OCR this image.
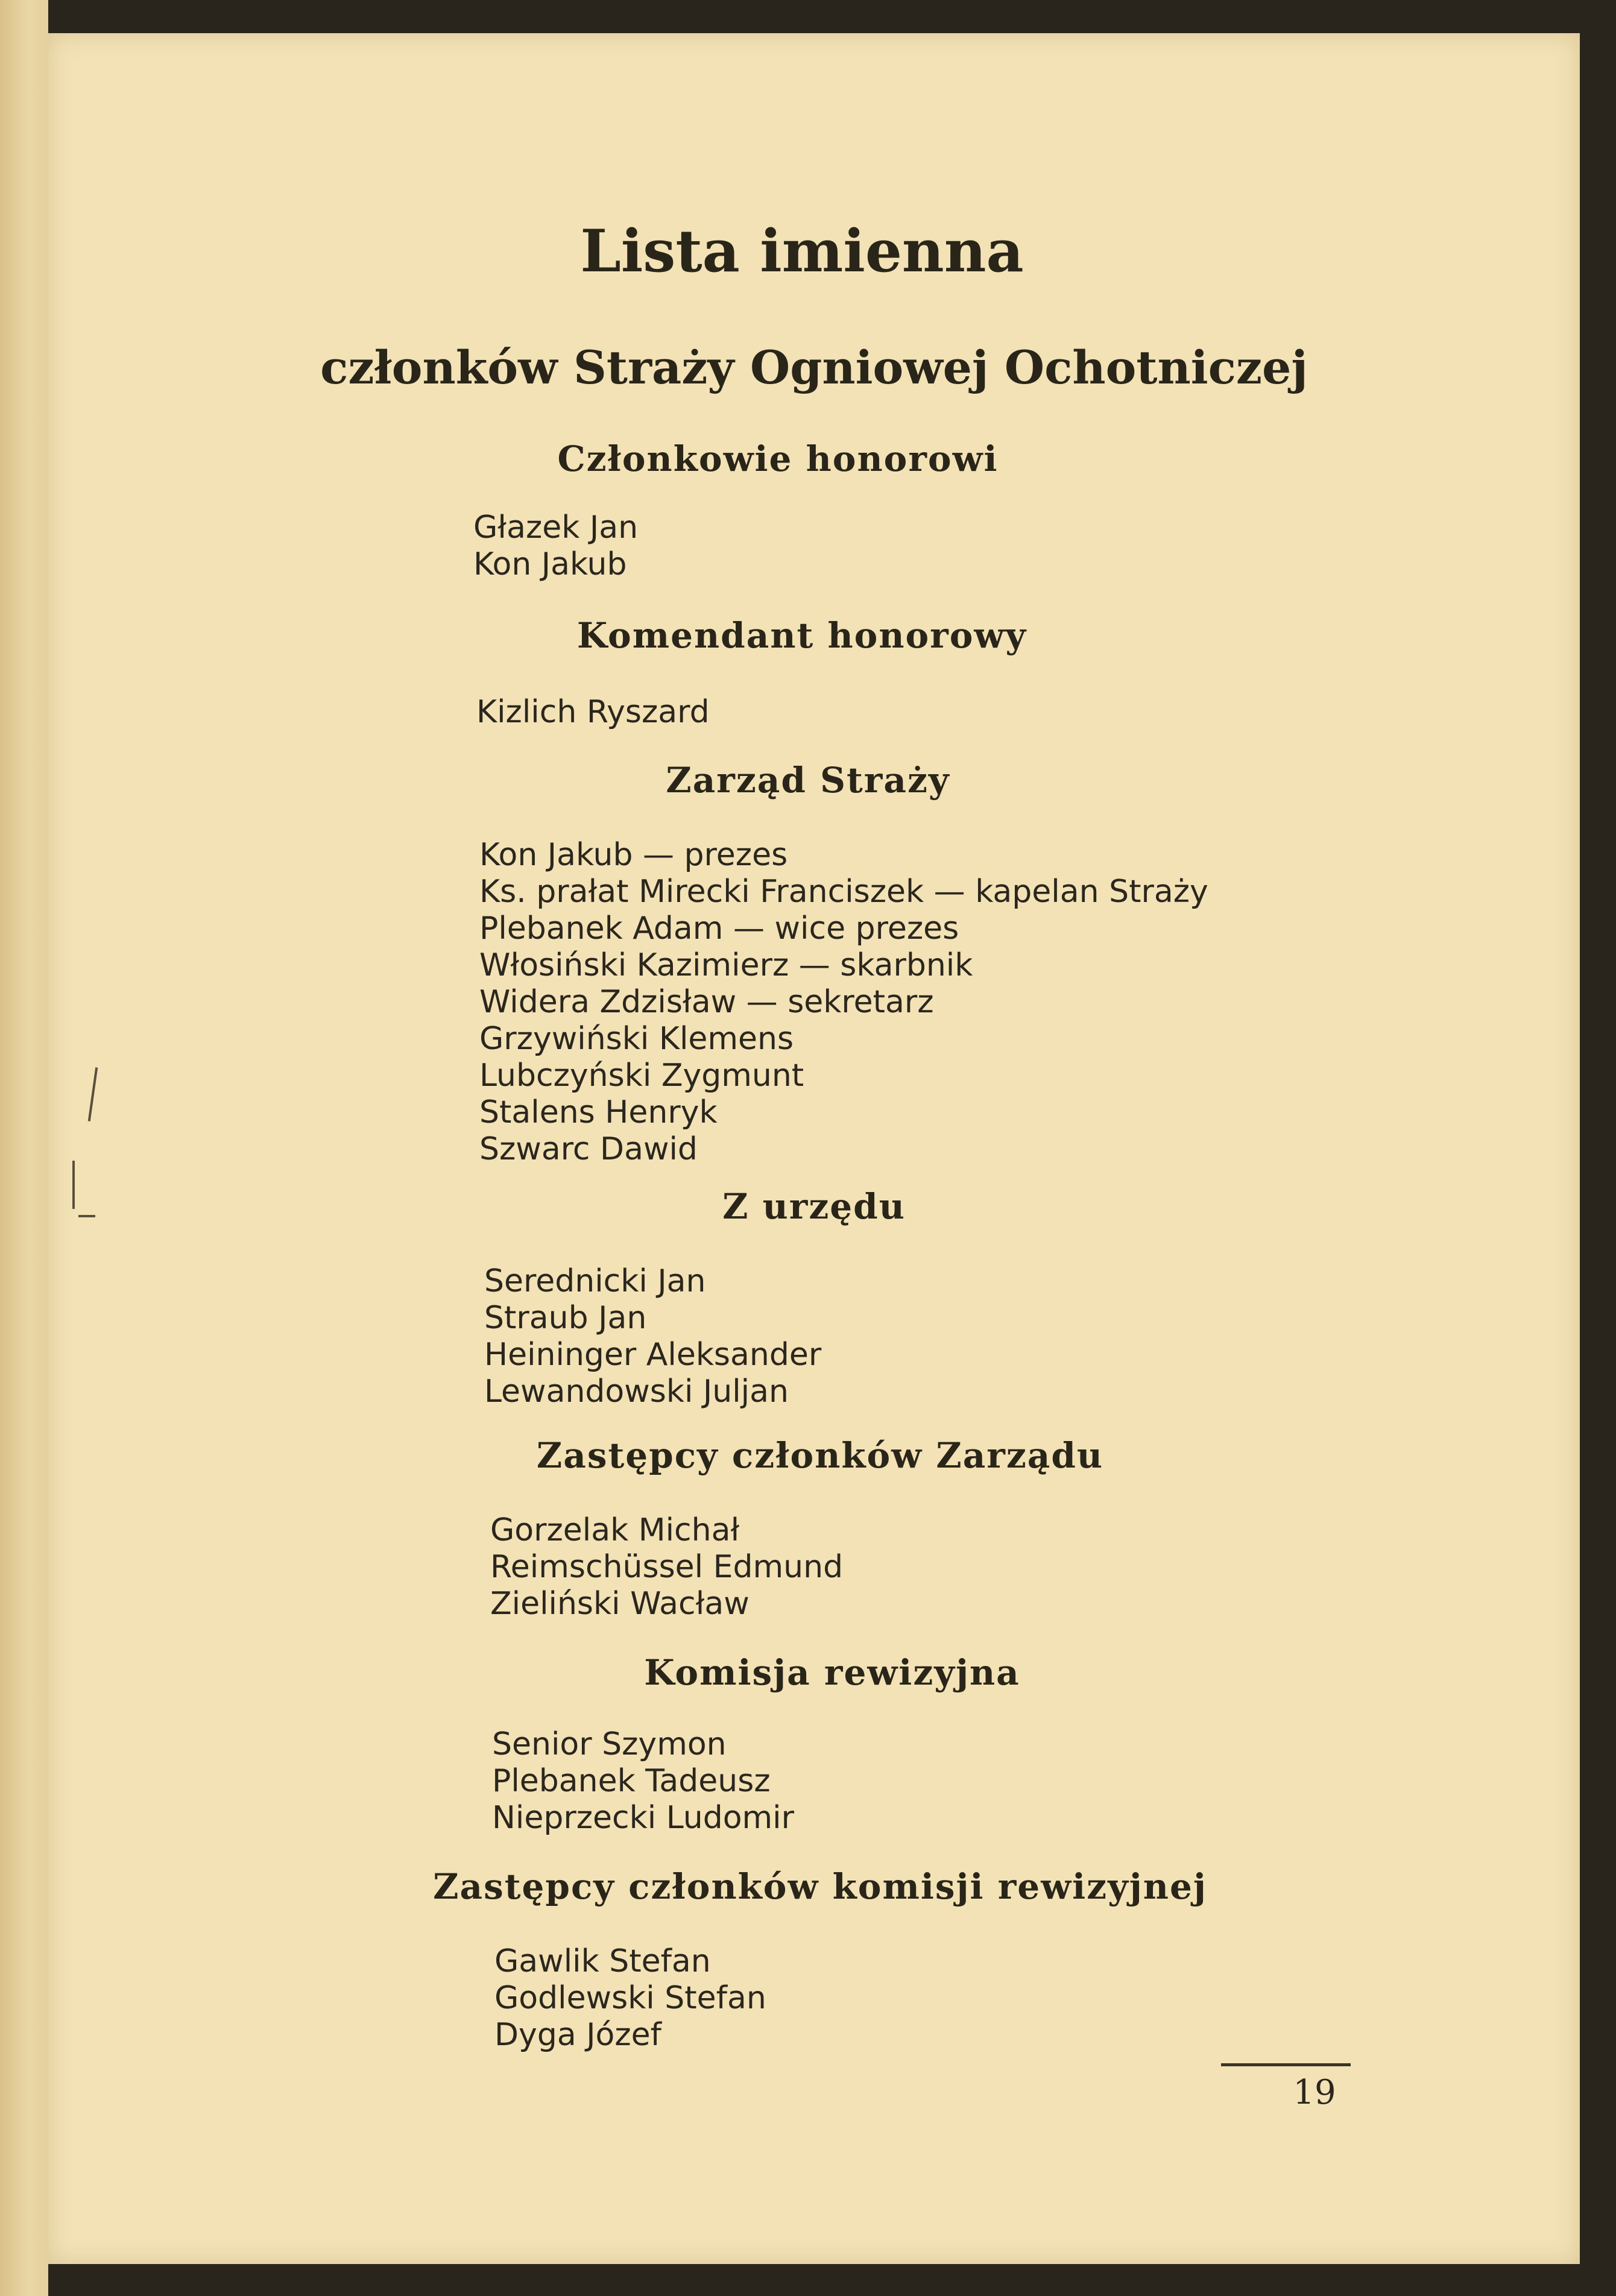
Lista imienna
członków Straży Ogniowej Ochotniczej
Członkowie honorowi
Głazek Jan
Kon Jakub
Komendant honorowy
Kizlich Ryszard
Zarząd Straży
Kon Jakub — prezes
Ks. prałat Mirecki Franciszek — kapelan Straży
Plebanek Adam — wice prezes
Włosiński Kazimierz — skarbnik
Widera Zdzisław — sekretarz
Grzywiński Klemens
Lubczyński Zygmunt
Stalens Henryk
Szwarc Dawid
Z urzędu
Serednicki Jan
Straub Jan
Heininger Aleksander
Lewandowski Juljan
Zastępcy członków Zarządu
Gorzelak Michał
Reimschüssel Edmund
Zieliński Wacław
Komisja rewizyjna
Senior Szymon
Plebanek Tadeusz
Nieprzecki Ludomir
Zastępcy członków komisji rewizyjnej
Gawlik Stefan
Godlewski Stefan
Dyga Józef
19
